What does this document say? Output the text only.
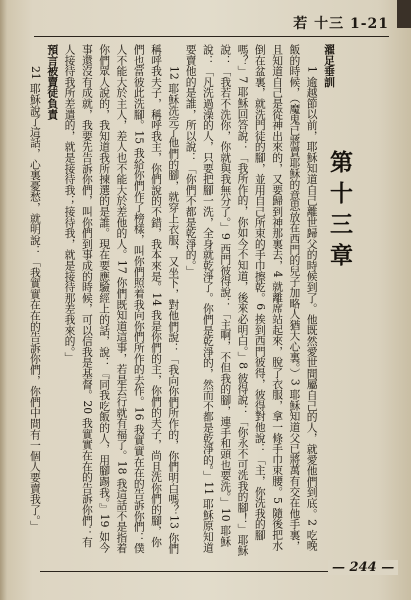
若 十三 1-21
第十三章

濯足垂訓

1 逾越節以前，耶穌知道自己離世歸父的時候到了。他既然愛世間屬自己的人，就愛他們到底。2 吃晚飯的時候，（魔鬼已將賣耶穌的意思放在西門的兒子加略人猶大心裏。）3 耶穌知道父已將萬有交在他手裏，且知道自己是從神出來的，又要歸到神那裏去，4 就離席站起來，脫了衣服，拿一條手巾束腰。5 隨後把水倒在盆裏，就洗門徒的腳，並用自己所束的手巾擦乾。6 挨到西門彼得，彼得對他說：「主，你洗我的腳嗎？」7 耶穌回答說：「我所作的，你如今不知道，後來必明白。」8 彼得說：「你永不可洗我的腳！」耶穌說：「我若不洗你，你就與我無分了。」9 西門彼得說：「主啊，不但我的腳，連手和頭也要洗。」10 耶穌說：「凡洗過澡的人，只要把腳一洗，全身就乾淨了。你們是乾淨的，然而不都是乾淨的。」11 耶穌原知道要賣他的是誰，所以說：「你們不都是乾淨的。」

12 耶穌洗完了他們的腳，就穿上衣服，又坐下，對他們說：「我向你們所作的，你們明白嗎？13 你們稱呼我夫子，稱呼我主，你們說的不錯，我本來是。14 我是你們的主，你們的夫子，尚且洗你們的腳，你們也當彼此洗腳。15 我給你們作了榜樣，叫你們照着我向你們所作的去作。16 我實實在在的告訴你們：僕人不能大於主人，差人也不能大於差他的人。17 你們既知道這事，若是去行就有福了。18 我這話不是指着你們眾人說的，我知道我所揀選的是誰。現在要應驗經上的話，說：『同我吃飯的人，用腳踢我。』19 如今事還沒有成就，我要先告訴你們，叫你們到事成的時候，可以信我是基督。20 我實實在在的告訴你們：有人接待我所差遣的，就是接待我；接待我，就是接待那差我來的。」

預言被賣徒負責

21 耶穌說了這話，心裏憂愁，就明說：「我實實在在的告訴你們，你們中間有一個人要賣我了。」

— 244 —
